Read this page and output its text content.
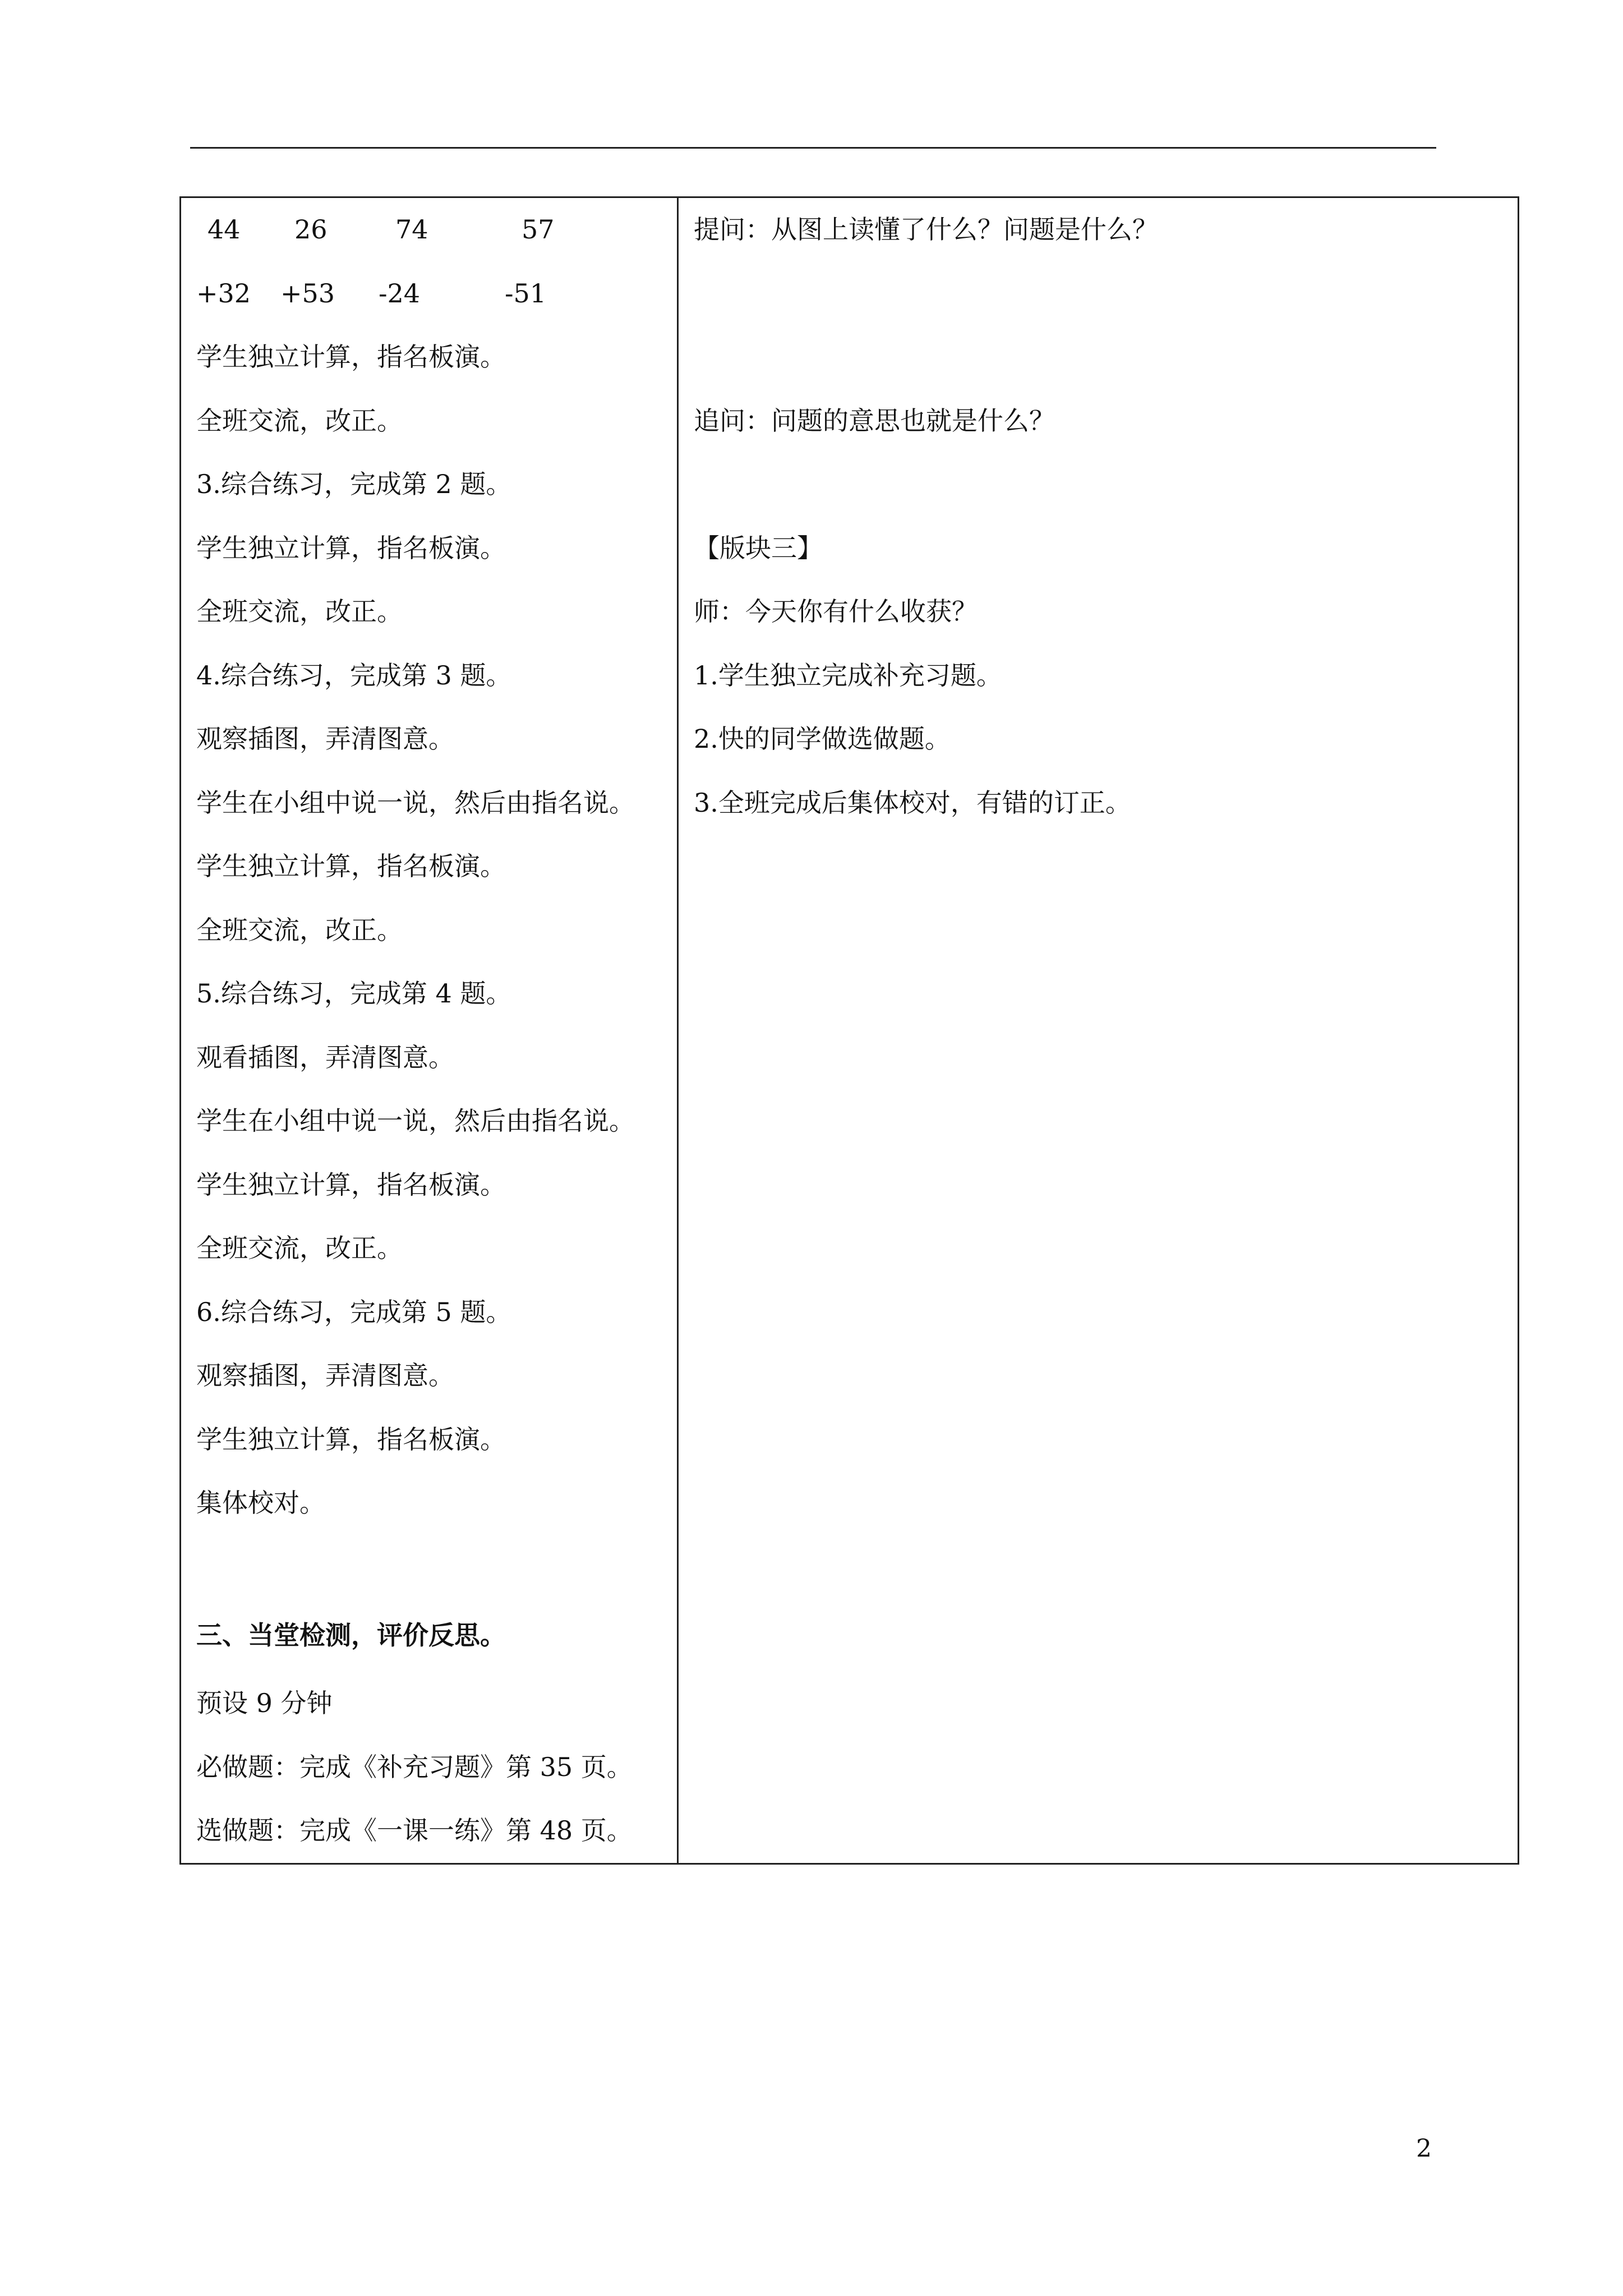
44	26	74	57
+32	+53	-24	-51
学生独立计算，指名板演。
全班交流，改正。
3.综合练习，完成第 2 题。
学生独立计算，指名板演。
全班交流，改正。
4.综合练习，完成第 3 题。
观察插图，弄清图意。
学生在小组中说一说，然后由指名说。
学生独立计算，指名板演。
全班交流，改正。
5.综合练习，完成第 4 题。
观看插图，弄清图意。
学生在小组中说一说，然后由指名说。
学生独立计算，指名板演。
全班交流，改正。
6.综合练习，完成第 5 题。
观察插图，弄清图意。
学生独立计算，指名板演。
集体校对。
三、当堂检测，评价反思。
预设 9 分钟
必做题：完成《补充习题》第 35 页。
选做题：完成《一课一练》第 48 页。

提问：从图上读懂了什么？问题是什么？
追问：问题的意思也就是什么？
【版块三】
师：今天你有什么收获？
1.学生独立完成补充习题。
2.快的同学做选做题。
3.全班完成后集体校对，有错的订正。
2
